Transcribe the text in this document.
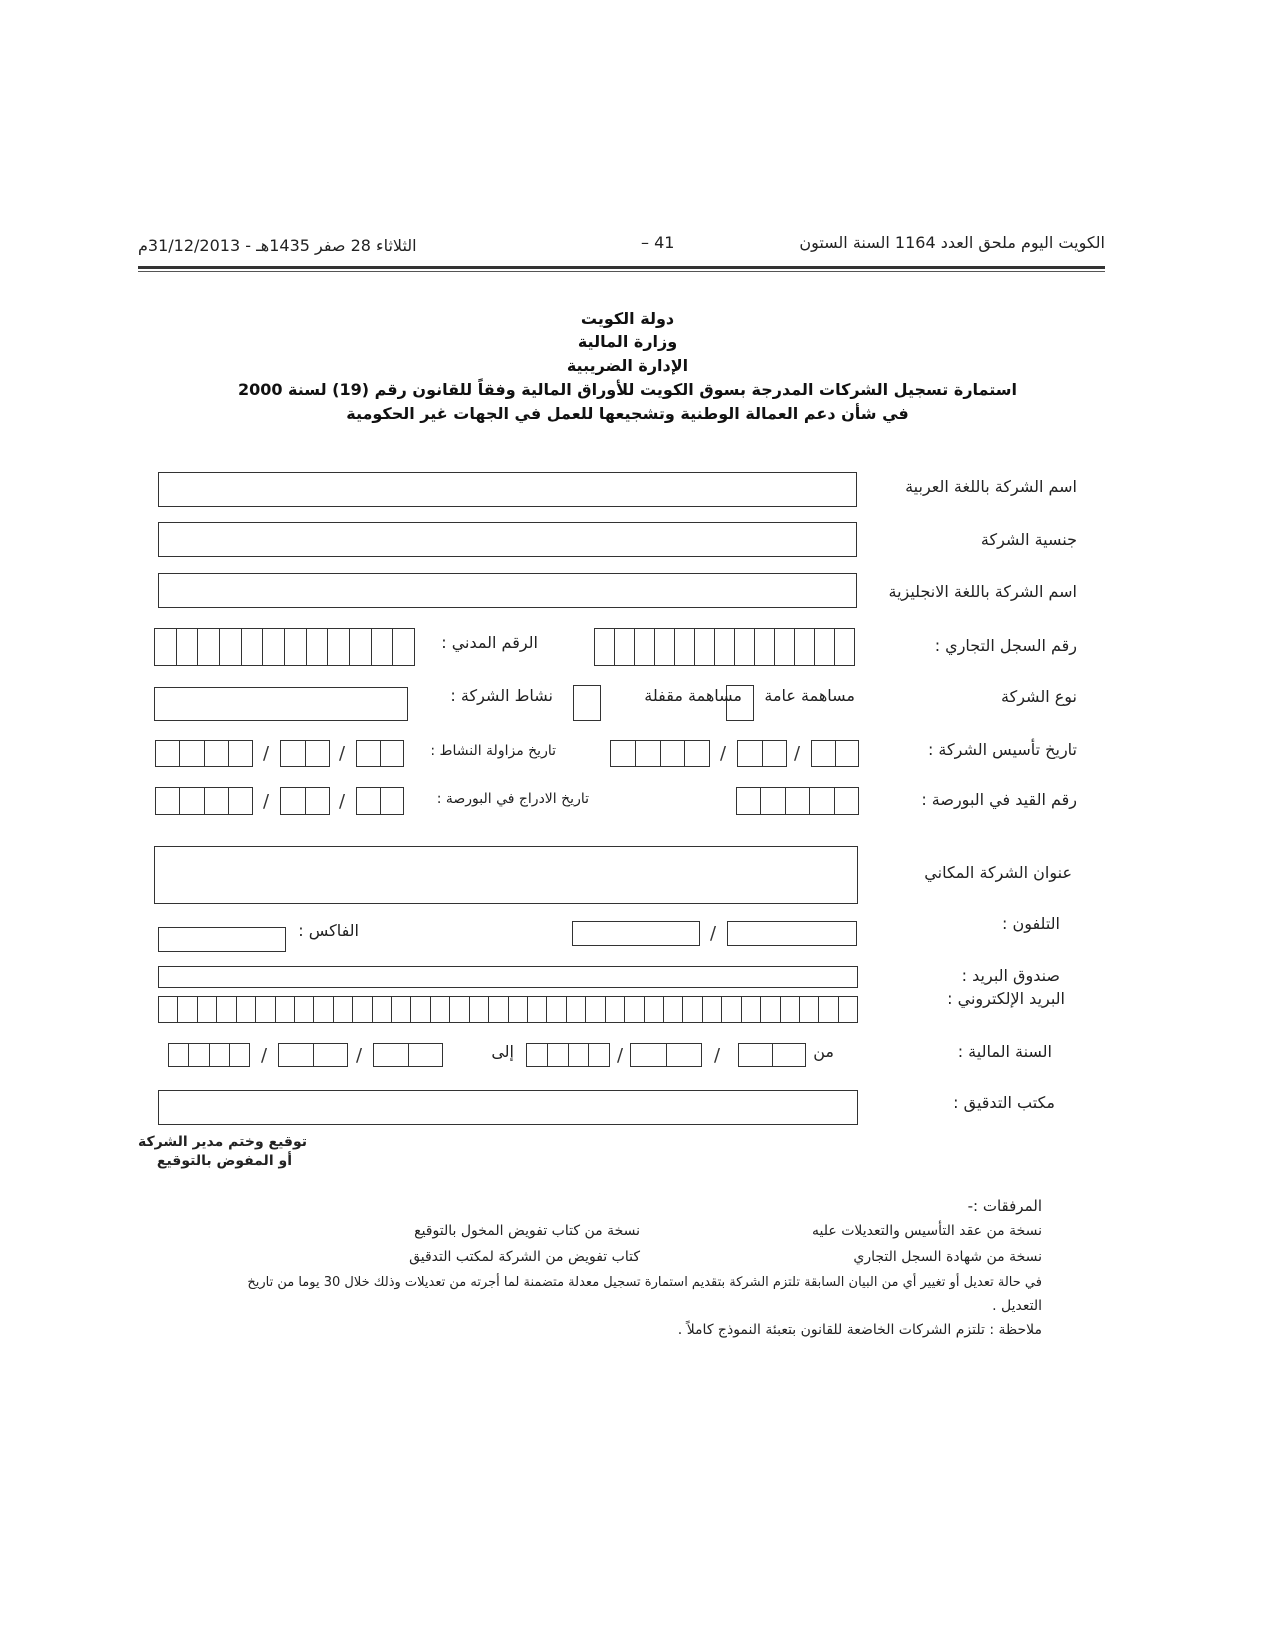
الكويت اليوم ملحق العدد 1164 السنة الستون
41 –
الثلاثاء 28 صفر 1435هـ - 31/12/2013م
دولة الكويت
وزارة المالية
الإدارة الضريبية
استمارة تسجيل الشركات المدرجة بسوق الكويت للأوراق المالية وفقاً للقانون رقم (19) لسنة 2000
في شأن دعم العمالة الوطنية وتشجيعها للعمل في الجهات غير الحكومية
اسم الشركة باللغة العربية
جنسية الشركة
اسم الشركة باللغة الانجليزية
رقم السجل التجاري :
الرقم المدني :
نوع الشركة
مساهمة عامة
مساهمة مقفلة
نشاط الشركة :
تاريخ تأسيس الشركة :
/
/
تاريخ مزاولة النشاط :
/
/
رقم القيد في البورصة :
تاريخ الادراج في البورصة :
/
/
عنوان الشركة المكاني
التلفون :
/
الفاكس :
صندوق البريد :
البريد الإلكتروني :
السنة المالية :
من
/
/
إلى
/
/
مكتب التدقيق :
توقيع وختم مدير الشركة
أو المفوض بالتوقيع
المرفقات :-
نسخة من عقد التأسيس والتعديلات عليه
نسخة من كتاب تفويض المخول بالتوقيع
نسخة من شهادة السجل التجاري
كتاب تفويض من الشركة لمكتب التدقيق
في حالة تعديل أو تغيير أي من البيان السابقة تلتزم الشركة بتقديم استمارة تسجيل معدلة متضمنة لما أجرته من تعديلات وذلك خلال 30 يوما من تاريخ
التعديل .
ملاحظة : تلتزم الشركات الخاضعة للقانون بتعبئة النموذج كاملاً .
